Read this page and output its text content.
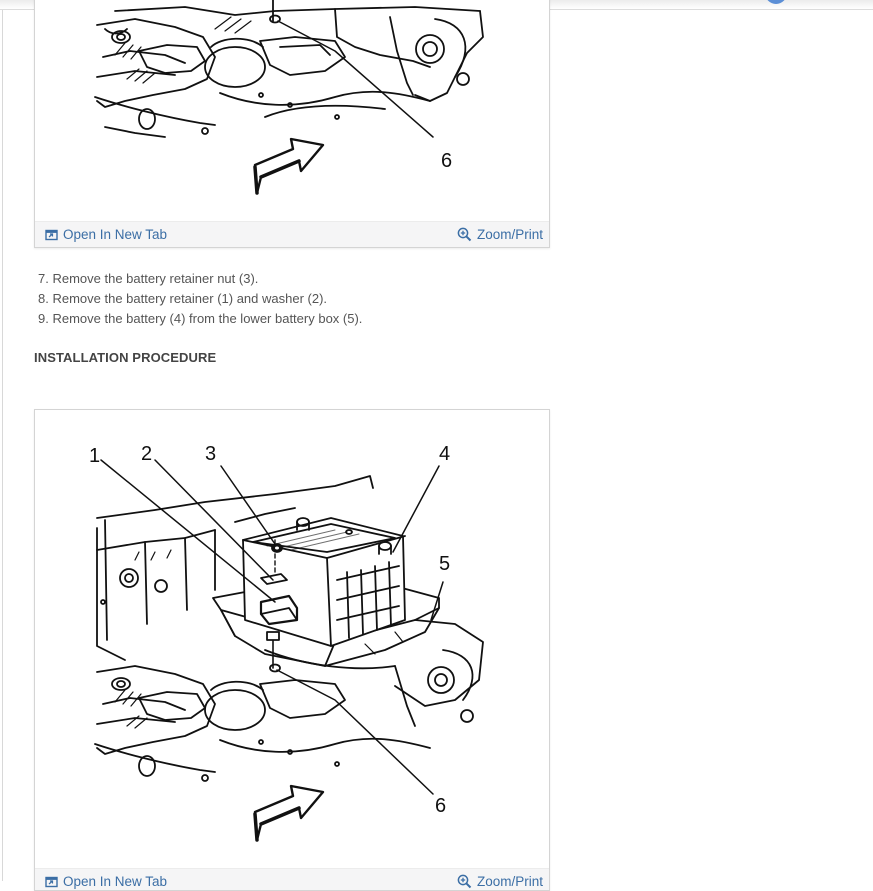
6
Open In New Tab	Zoom/Print
7. Remove the battery retainer nut (3).
8. Remove the battery retainer (1) and washer (2).
9. Remove the battery (4) from the lower battery box (5).
INSTALLATION PROCEDURE
1 2	3	4
5
6
Open In New Tab	Zoom/Print
